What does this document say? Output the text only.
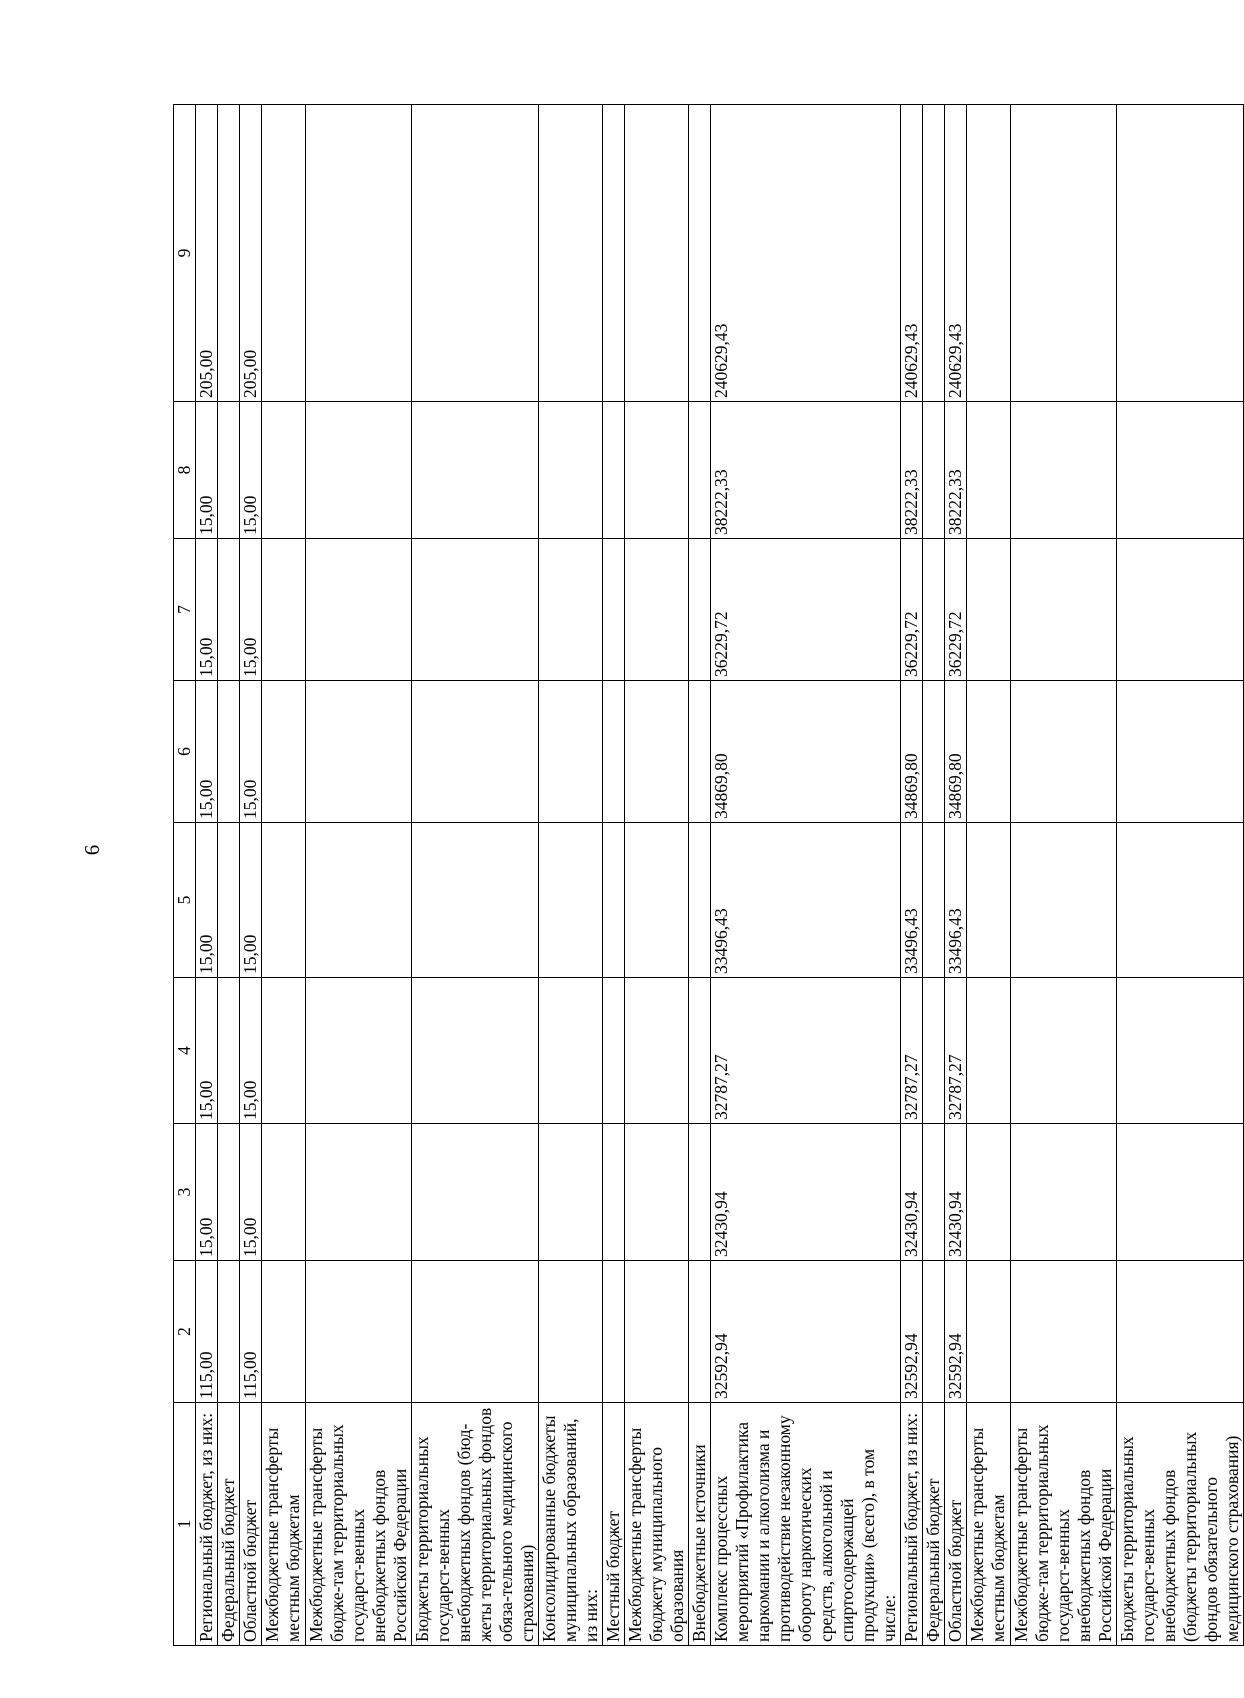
6
1	2	3	4	5	6	7	8	9
Региональный бюджет, из них:	115,00	15,00	15,00	15,00	15,00	15,00	15,00	205,00
Федеральный бюджет								
Областной бюджет	115,00	15,00	15,00	15,00	15,00	15,00	15,00	205,00
Межбюджетные трансферты местным бюджетам								
Межбюджетные трансферты бюдже-там территориальных государст-венных внебюджетных фондов Российской Федерации								
Бюджеты территориальных государст-венных внебюджетных фондов (бюд-жеты территориальных фондов обяза-тельного медицинского страхования)								
Консолидированные бюджеты муниципальных образований, из них:								
Местный бюджет								
Межбюджетные трансферты бюджету муниципального образования								
Внебюджетные источники								
Комплекс процессных мероприятий «Профилактика наркомании и алкоголизма и противодействие незаконному обороту наркотических средств, алкогольной и спиртосодержащей продукции» (всего), в том числе:	32592,94	32430,94	32787,27	33496,43	34869,80	36229,72	38222,33	240629,43
Региональный бюджет, из них:	32592,94	32430,94	32787,27	33496,43	34869,80	36229,72	38222,33	240629,43
Федеральный бюджет								
Областной бюджет	32592,94	32430,94	32787,27	33496,43	34869,80	36229,72	38222,33	240629,43
Межбюджетные трансферты местным бюджетам								
Межбюджетные трансферты бюдже-там территориальных государст-венных внебюджетных фондов Российской Федерации								
Бюджеты территориальных государст-венных внебюджетных фондов (бюджеты территориальных фондов обязательного медицинского страхования)								
